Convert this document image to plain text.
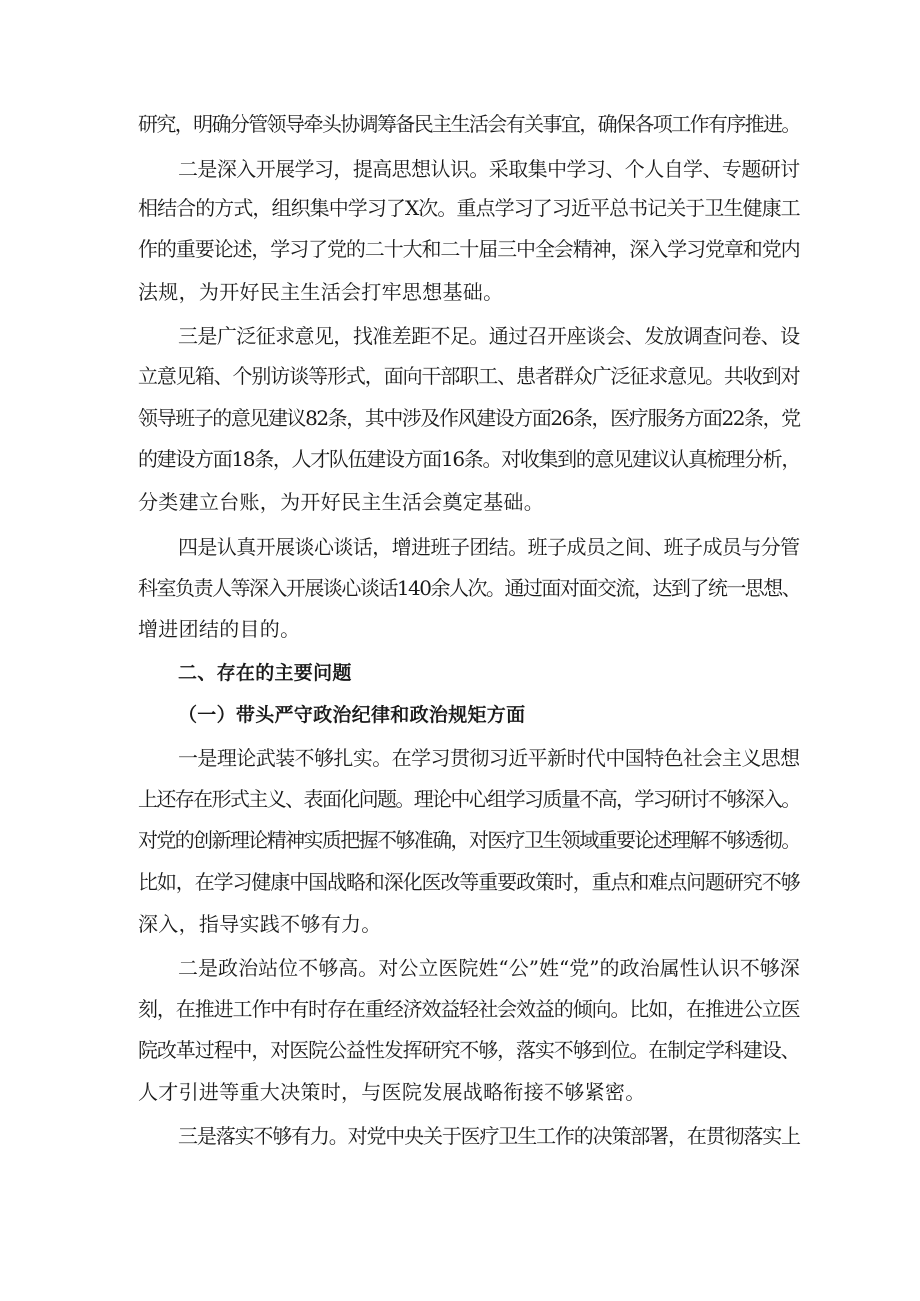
研究，明确分管领导牵头协调筹备民主生活会有关事宜，确保各项工作有序推进。
二是深入开展学习，提高思想认识。采取集中学习、个人自学、专题研讨
相结合的方式，组织集中学习了X次。重点学习了习近平总书记关于卫生健康工
作的重要论述，学习了党的二十大和二十届三中全会精神，深入学习党章和党内
法规，为开好民主生活会打牢思想基础。
三是广泛征求意见，找准差距不足。通过召开座谈会、发放调查问卷、设
立意见箱、个别访谈等形式，面向干部职工、患者群众广泛征求意见。共收到对
领导班子的意见建议82条，其中涉及作风建设方面26条，医疗服务方面22条，党
的建设方面18条，人才队伍建设方面16条。对收集到的意见建议认真梳理分析，
分类建立台账，为开好民主生活会奠定基础。
四是认真开展谈心谈话，增进班子团结。班子成员之间、班子成员与分管
科室负责人等深入开展谈心谈话140余人次。通过面对面交流，达到了统一思想、
增进团结的目的。
二、存在的主要问题
（一）带头严守政治纪律和政治规矩方面
一是理论武装不够扎实。在学习贯彻习近平新时代中国特色社会主义思想
上还存在形式主义、表面化问题。理论中心组学习质量不高，学习研讨不够深入。
对党的创新理论精神实质把握不够准确，对医疗卫生领域重要论述理解不够透彻。
比如，在学习健康中国战略和深化医改等重要政策时，重点和难点问题研究不够
深入，指导实践不够有力。
二是政治站位不够高。对公立医院姓“公”姓“党”的政治属性认识不够深
刻，在推进工作中有时存在重经济效益轻社会效益的倾向。比如，在推进公立医
院改革过程中，对医院公益性发挥研究不够，落实不够到位。在制定学科建设、
人才引进等重大决策时，与医院发展战略衔接不够紧密。
三是落实不够有力。对党中央关于医疗卫生工作的决策部署，在贯彻落实上
